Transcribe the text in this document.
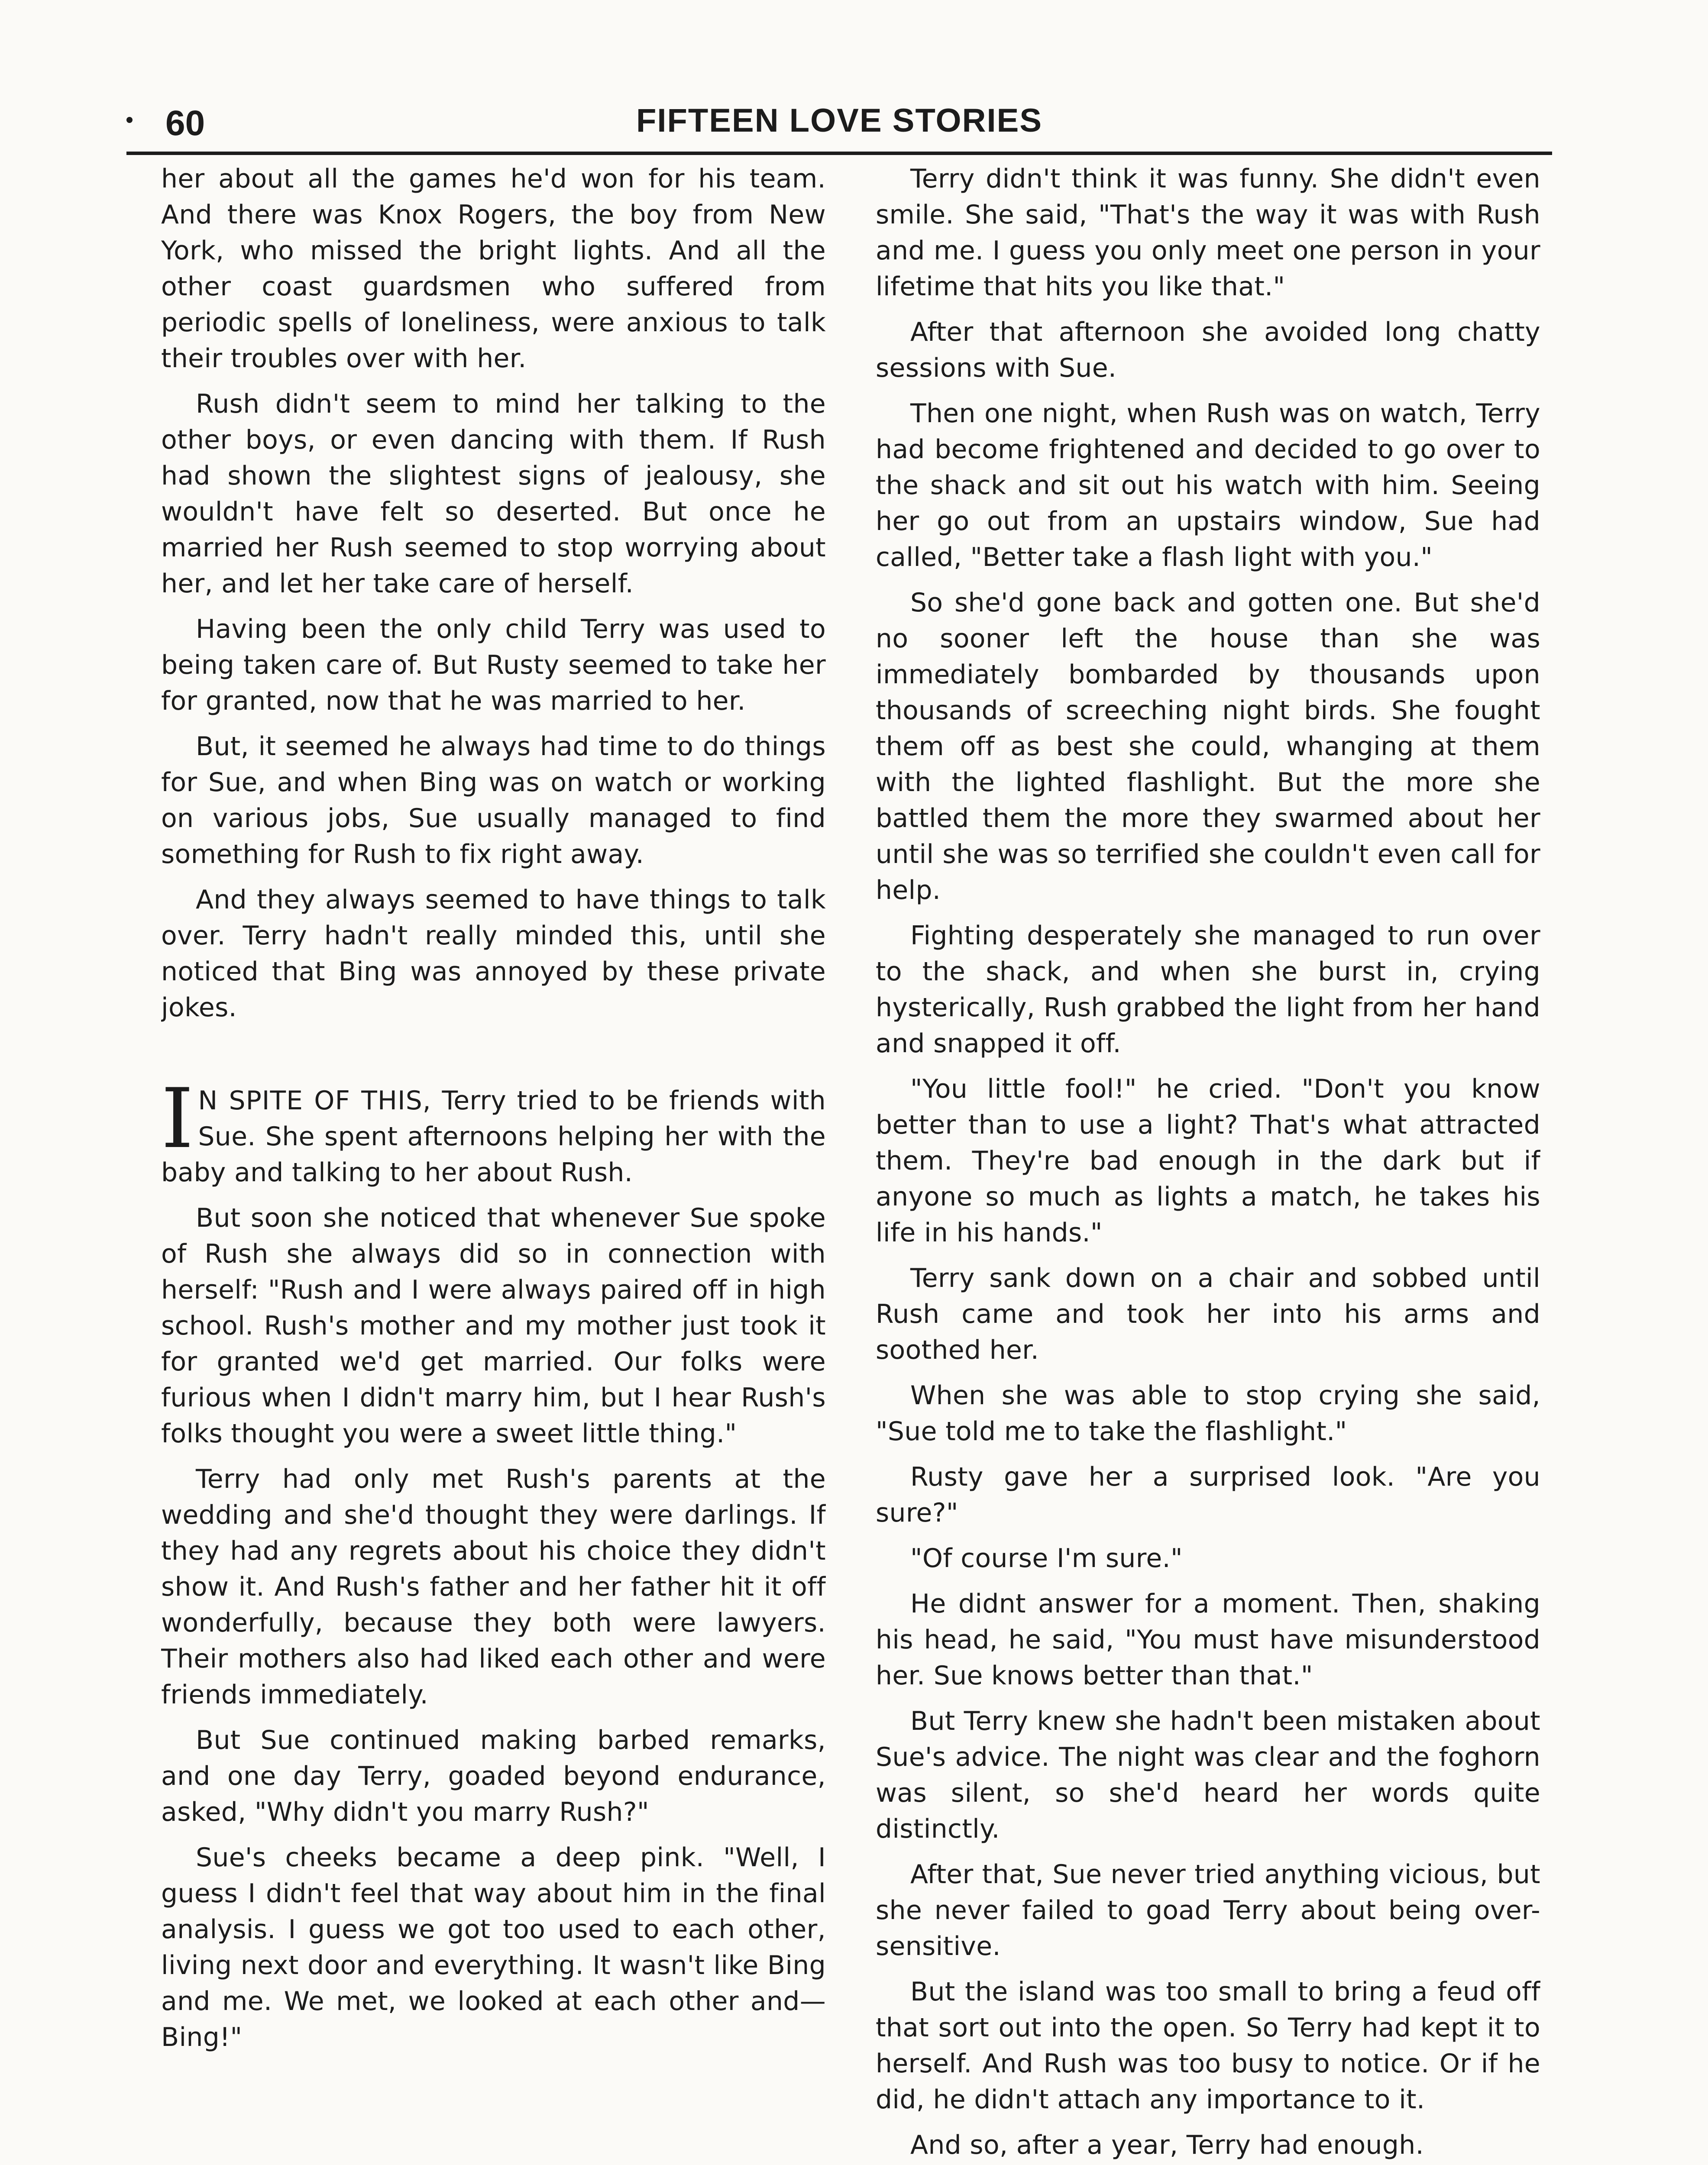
60	FIFTEEN LOVE STORIES

her about all the games he'd won for his team. And there was Knox Rogers, the boy from New York, who missed the bright lights. And all the other coast guardsmen who suffered from periodic spells of loneliness, were anxious to talk their troubles over with her.

Rush didn't seem to mind her talking to the other boys, or even dancing with them. If Rush had shown the slightest signs of jealousy, she wouldn't have felt so deserted. But once he married her Rush seemed to stop worrying about her, and let her take care of herself.

Having been the only child Terry was used to being taken care of. But Rusty seemed to take her for granted, now that he was married to her.

But, it seemed he always had time to do things for Sue, and when Bing was on watch or working on various jobs, Sue usually managed to find something for Rush to fix right away.

And they always seemed to have things to talk over. Terry hadn't really minded this, until she noticed that Bing was annoyed by these private jokes.

I N SPITE OF THIS, Terry tried to be friends with Sue. She spent afternoons helping her with the baby and talking to her about Rush.

But soon she noticed that whenever Sue spoke of Rush she always did so in connection with herself: "Rush and I were always paired off in high school. Rush's mother and my mother just took it for granted we'd get married. Our folks were furious when I didn't marry him, but I hear Rush's folks thought you were a sweet little thing."

Terry had only met Rush's parents at the wedding and she'd thought they were darlings. If they had any regrets about his choice they didn't show it. And Rush's father and her father hit it off wonderfully, because they both were lawyers. Their mothers also had liked each other and were friends immediately.

But Sue continued making barbed remarks, and one day Terry, goaded beyond endurance, asked, "Why didn't you marry Rush?"

Sue's cheeks became a deep pink. "Well, I guess I didn't feel that way about him in the final analysis. I guess we got too used to each other, living next door and everything. It wasn't like Bing and me. We met, we looked at each other and—Bing!"

Terry didn't think it was funny. She didn't even smile. She said, "That's the way it was with Rush and me. I guess you only meet one person in your lifetime that hits you like that."

After that afternoon she avoided long chatty sessions with Sue.

Then one night, when Rush was on watch, Terry had become frightened and decided to go over to the shack and sit out his watch with him. Seeing her go out from an upstairs window, Sue had called, "Better take a flash light with you."

So she'd gone back and gotten one. But she'd no sooner left the house than she was immediately bombarded by thousands upon thousands of screeching night birds. She fought them off as best she could, whanging at them with the lighted flashlight. But the more she battled them the more they swarmed about her until she was so terrified she couldn't even call for help.

Fighting desperately she managed to run over to the shack, and when she burst in, crying hysterically, Rush grabbed the light from her hand and snapped it off.

"You little fool!" he cried. "Don't you know better than to use a light? That's what attracted them. They're bad enough in the dark but if anyone so much as lights a match, he takes his life in his hands."

Terry sank down on a chair and sobbed until Rush came and took her into his arms and soothed her.

When she was able to stop crying she said, "Sue told me to take the flashlight."

Rusty gave her a surprised look. "Are you sure?"

"Of course I'm sure."

He didnt answer for a moment. Then, shaking his head, he said, "You must have misunderstood her. Sue knows better than that."

But Terry knew she hadn't been mistaken about Sue's advice. The night was clear and the foghorn was silent, so she'd heard her words quite distinctly.

After that, Sue never tried anything vicious, but she never failed to goad Terry about being over-sensitive.

But the island was too small to bring a feud off that sort out into the open. So Terry had kept it to herself. And Rush was too busy to notice. Or if he did, he didn't attach any importance to it.

And so, after a year, Terry had enough.
